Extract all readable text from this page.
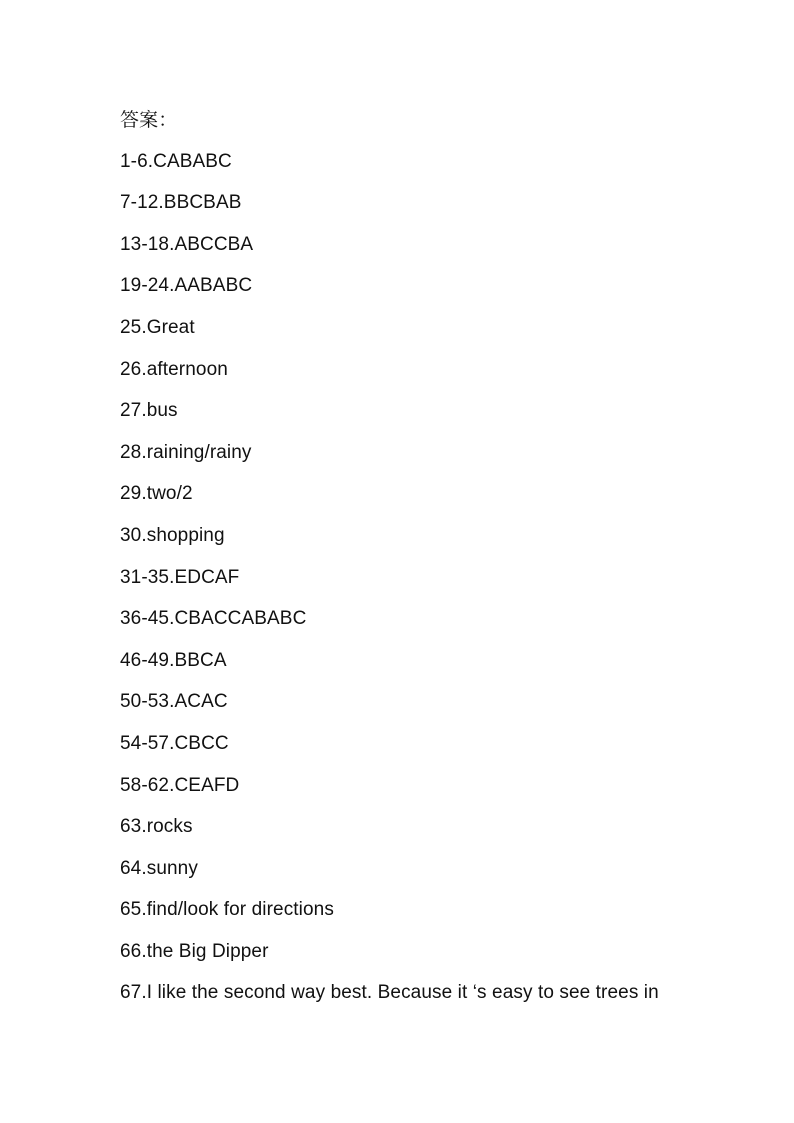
答案：
1-6.CABABC
7-12.BBCBAB
13-18.ABCCBA
19-24.AABABC
25.Great
26.afternoon
27.bus
28.raining/rainy
29.two/2
30.shopping
31-35.EDCAF
36-45.CBACCABABC
46-49.BBCA
50-53.ACAC
54-57.CBCC
58-62.CEAFD
63.rocks
64.sunny
65.find/look for directions
66.the Big Dipper
67.I like the second way best. Because it ‘s easy to see trees in
